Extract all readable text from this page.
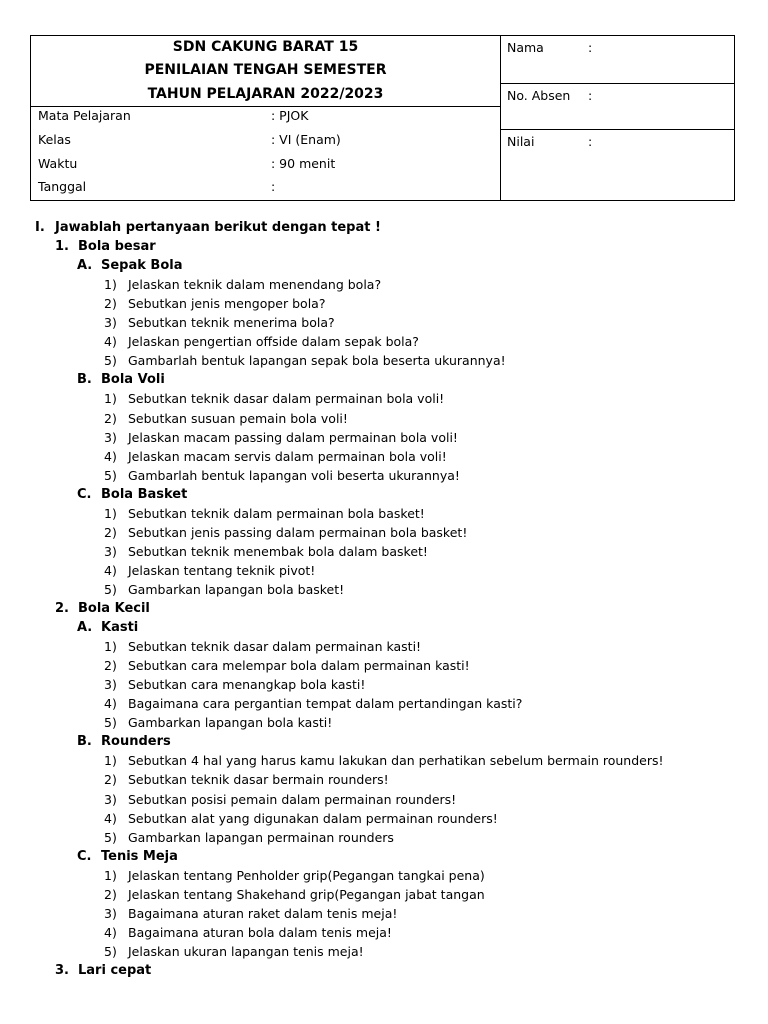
SDN CAKUNG BARAT 15
PENILAIAN TENGAH SEMESTER
TAHUN PELAJARAN 2022/2023
Mata Pelajaran	: PJOK
Kelas	: VI (Enam)
Waktu	: 90 menit
Tanggal	:
Nama	:
No. Absen :
Nilai	:
I. Jawablah pertanyaan berikut dengan tepat !
1. Bola besar
A. Sepak Bola
1) Jelaskan teknik dalam menendang bola?
2) Sebutkan jenis mengoper bola?
3) Sebutkan teknik menerima bola?
4) Jelaskan pengertian offside dalam sepak bola?
5) Gambarlah bentuk lapangan sepak bola beserta ukurannya!
B. Bola Voli
1) Sebutkan teknik dasar dalam permainan bola voli!
2) Sebutkan susuan pemain bola voli!
3) Jelaskan macam passing dalam permainan bola voli!
4) Jelaskan macam servis dalam permainan bola voli!
5) Gambarlah bentuk lapangan voli beserta ukurannya!
C. Bola Basket
1) Sebutkan teknik dalam permainan bola basket!
2) Sebutkan jenis passing dalam permainan bola basket!
3) Sebutkan teknik menembak bola dalam basket!
4) Jelaskan tentang teknik pivot!
5) Gambarkan lapangan bola basket!
2. Bola Kecil
A. Kasti
1) Sebutkan teknik dasar dalam permainan kasti!
2) Sebutkan cara melempar bola dalam permainan kasti!
3) Sebutkan cara menangkap bola kasti!
4) Bagaimana cara pergantian tempat dalam pertandingan kasti?
5) Gambarkan lapangan bola kasti!
B. Rounders
1) Sebutkan 4 hal yang harus kamu lakukan dan perhatikan sebelum bermain rounders!
2) Sebutkan teknik dasar bermain rounders!
3) Sebutkan posisi pemain dalam permainan rounders!
4) Sebutkan alat yang digunakan dalam permainan rounders!
5) Gambarkan lapangan permainan rounders
C. Tenis Meja
1) Jelaskan tentang Penholder grip(Pegangan tangkai pena)
2) Jelaskan tentang Shakehand grip(Pegangan jabat tangan
3) Bagaimana aturan raket dalam tenis meja!
4) Bagaimana aturan bola dalam tenis meja!
5) Jelaskan ukuran lapangan tenis meja!
3. Lari cepat
